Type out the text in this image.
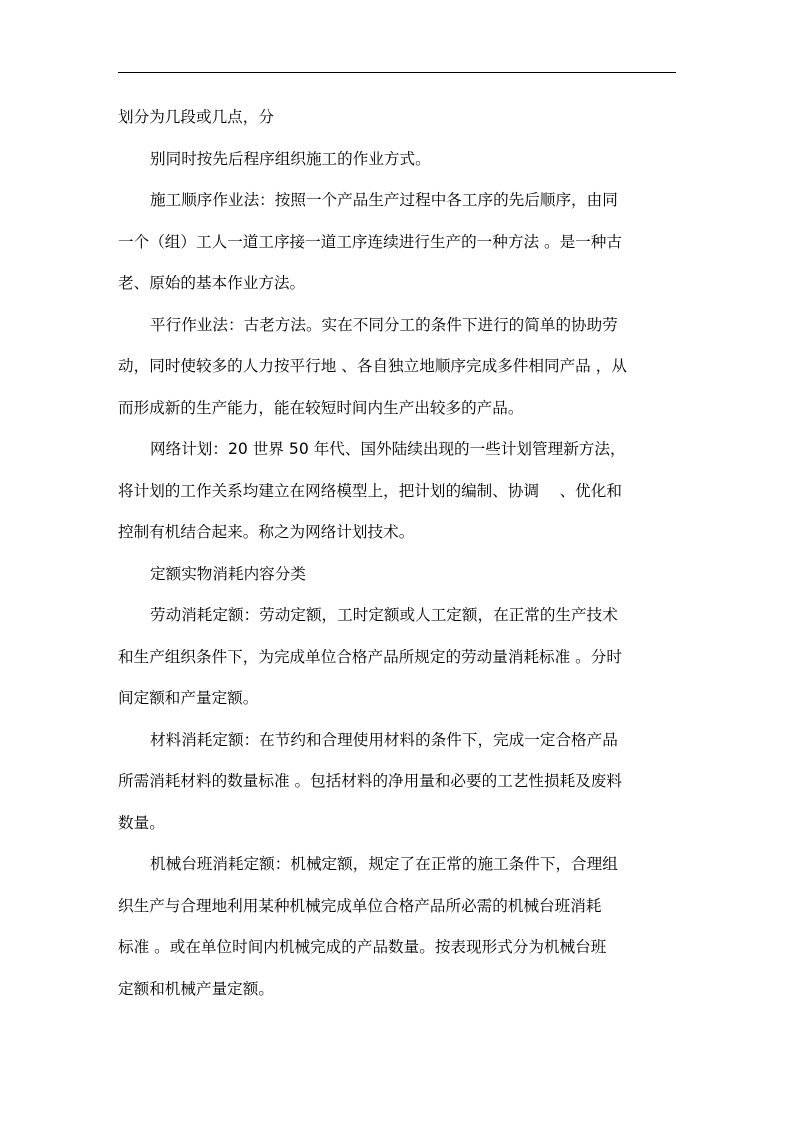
划分为几段或几点，分
别同时按先后程序组织施工的作业方式。
施工顺序作业法：按照一个产品生产过程中各工序的先后顺序，由同
一个（组）工人一道工序接一道工序连续进行生产的一种方法 。是一种古
老、原始的基本作业方法。
平行作业法：古老方法。实在不同分工的条件下进行的简单的协助劳
动，同时使较多的人力按平行地 、各自独立地顺序完成多件相同产品 ，从
而形成新的生产能力，能在较短时间内生产出较多的产品。
网络计划：20 世界 50 年代、国外陆续出现的一些计划管理新方法，
将计划的工作关系均建立在网络模型上，把计划的编制、协调　 、优化和
控制有机结合起来。称之为网络计划技术。
定额实物消耗内容分类
劳动消耗定额：劳动定额，工时定额或人工定额，在正常的生产技术
和生产组织条件下，为完成单位合格产品所规定的劳动量消耗标准 。分时
间定额和产量定额。
材料消耗定额：在节约和合理使用材料的条件下，完成一定合格产品
所需消耗材料的数量标准 。包括材料的净用量和必要的工艺性损耗及废料
数量。
机械台班消耗定额：机械定额，规定了在正常的施工条件下，合理组
织生产与合理地利用某种机械完成单位合格产品所必需的机械台班消耗
标准 。或在单位时间内机械完成的产品数量。按表现形式分为机械台班
定额和机械产量定额。
